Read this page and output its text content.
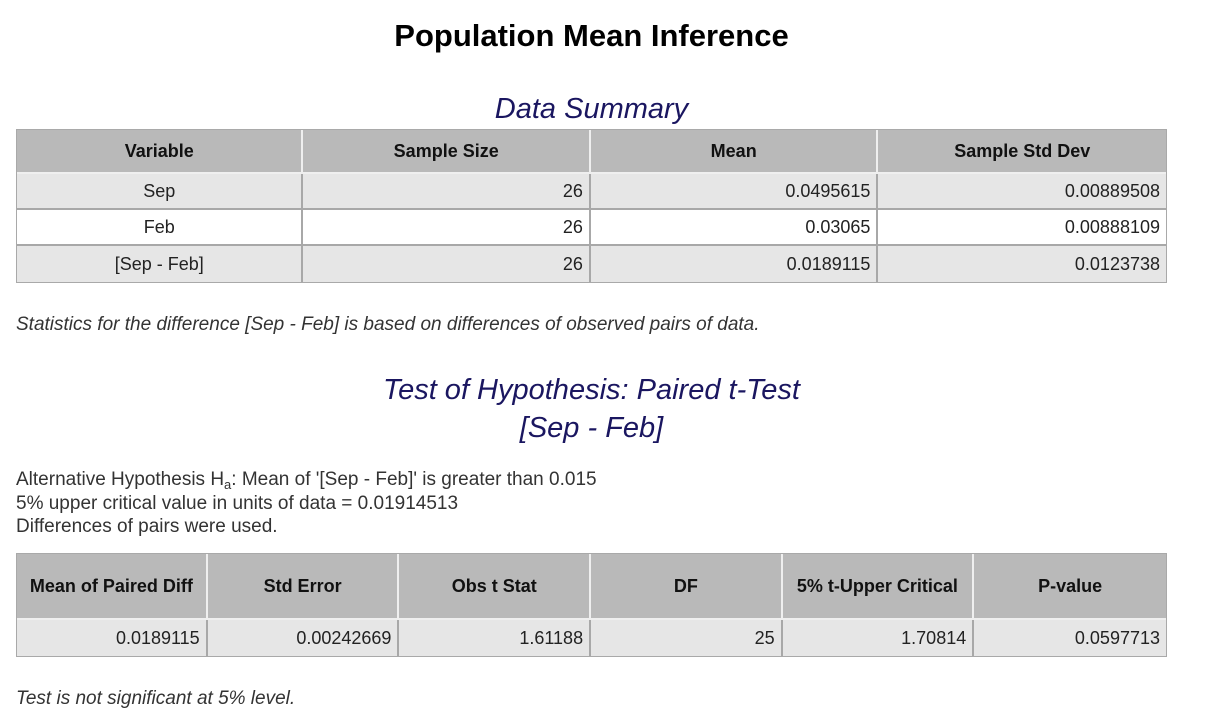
Population Mean Inference
Data Summary
Variable	Sample Size	Mean	Sample Std Dev
Sep	26	0.0495615	0.00889508
Feb	26	0.03065	0.00888109
[Sep - Feb]	26	0.0189115	0.0123738
Statistics for the difference [Sep - Feb] is based on differences of observed pairs of data.
Test of Hypothesis: Paired t-Test
[Sep - Feb]
Alternative Hypothesis $H_a$: Mean of '[Sep - Feb]' is greater than 0.015
5% upper critical value in units of data = 0.01914513
Differences of pairs were used.
Mean of Paired Diff	Std Error	Obs t Stat	DF	5% t-Upper Critical	P-value
0.0189115	0.00242669	1.61188	25	1.70814	0.0597713
Test is not significant at 5% level.
